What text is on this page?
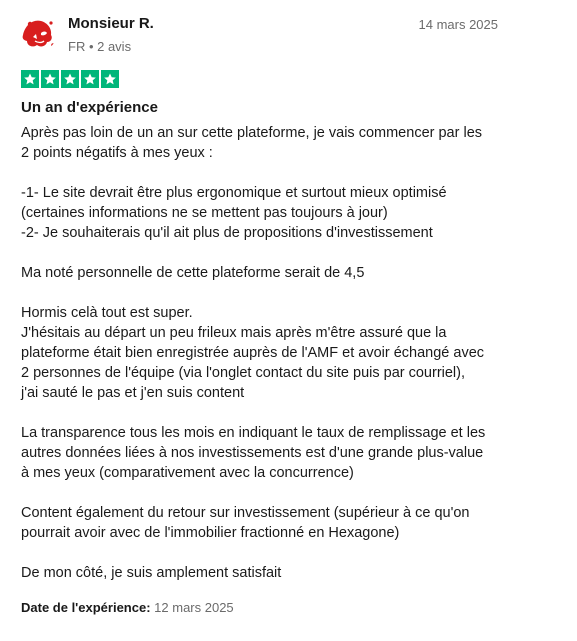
Monsieur R.
FR • 2 avis
14 mars 2025
Un an d'expérience
Après pas loin de un an sur cette plateforme, je vais commencer par les
2 points négatifs à mes yeux :
-1- Le site devrait être plus ergonomique et surtout mieux optimisé
(certaines informations ne se mettent pas toujours à jour)
-2- Je souhaiterais qu'il ait plus de propositions d'investissement
Ma noté personnelle de cette plateforme serait de 4,5
Hormis celà tout est super.
J'hésitais au départ un peu frileux mais après m'être assuré que la
plateforme était bien enregistrée auprès de l'AMF et avoir échangé avec
2 personnes de l'équipe (via l'onglet contact du site puis par courriel),
j'ai sauté le pas et j'en suis content
La transparence tous les mois en indiquant le taux de remplissage et les
autres données liées à nos investissements est d'une grande plus-value
à mes yeux (comparativement avec la concurrence)
Content également du retour sur investissement (supérieur à ce qu'on
pourrait avoir avec de l'immobilier fractionné en Hexagone)
De mon côté, je suis amplement satisfait
Date de l'expérience: 12 mars 2025
